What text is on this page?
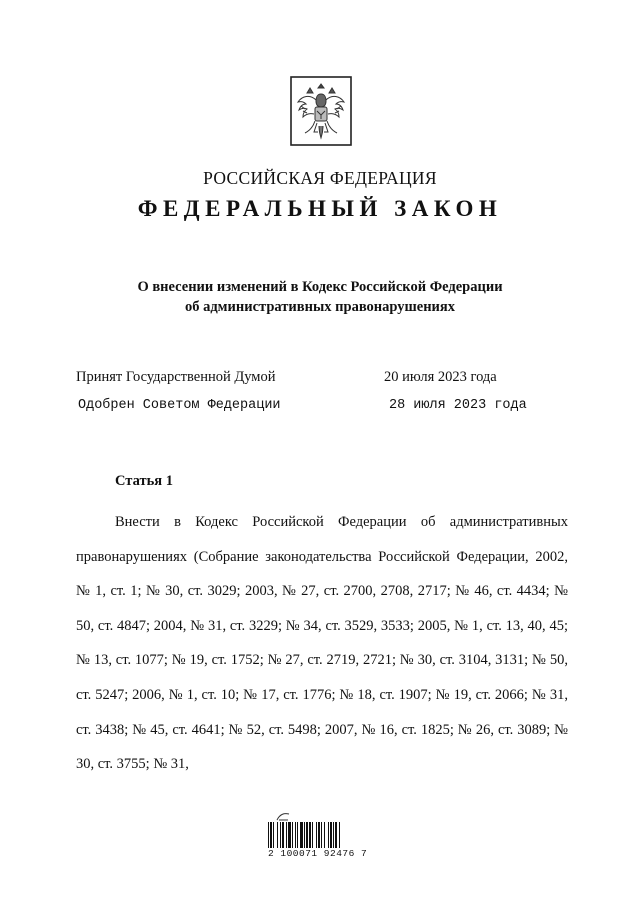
РОССИЙСКАЯ ФЕДЕРАЦИЯ
ФЕДЕРАЛЬНЫЙ ЗАКОН
О внесении изменений в Кодекс Российской Федерации
об административных правонарушениях
Принят Государственной Думой	20 июля 2023 года
Одобрен Советом Федерации	28 июля 2023 года
Статья 1

Внести в Кодекс Российской Федерации об административных правонарушениях (Собрание законодательства Российской Федерации, 2002, № 1, ст. 1; № 30, ст. 3029; 2003, № 27, ст. 2700, 2708, 2717; № 46, ст. 4434; № 50, ст. 4847; 2004, № 31, ст. 3229; № 34, ст. 3529, 3533; 2005, № 1, ст. 13, 40, 45; № 13, ст. 1077; № 19, ст. 1752; № 27, ст. 2719, 2721; № 30, ст. 3104, 3131; № 50, ст. 5247; 2006, № 1, ст. 10; № 17, ст. 1776; № 18, ст. 1907; № 19, ст. 2066; № 31, ст. 3438; № 45, ст. 4641; № 52, ст. 5498; 2007, № 16, ст. 1825; № 26, ст. 3089; № 30, ст. 3755; № 31,

2 100071 92476 7
